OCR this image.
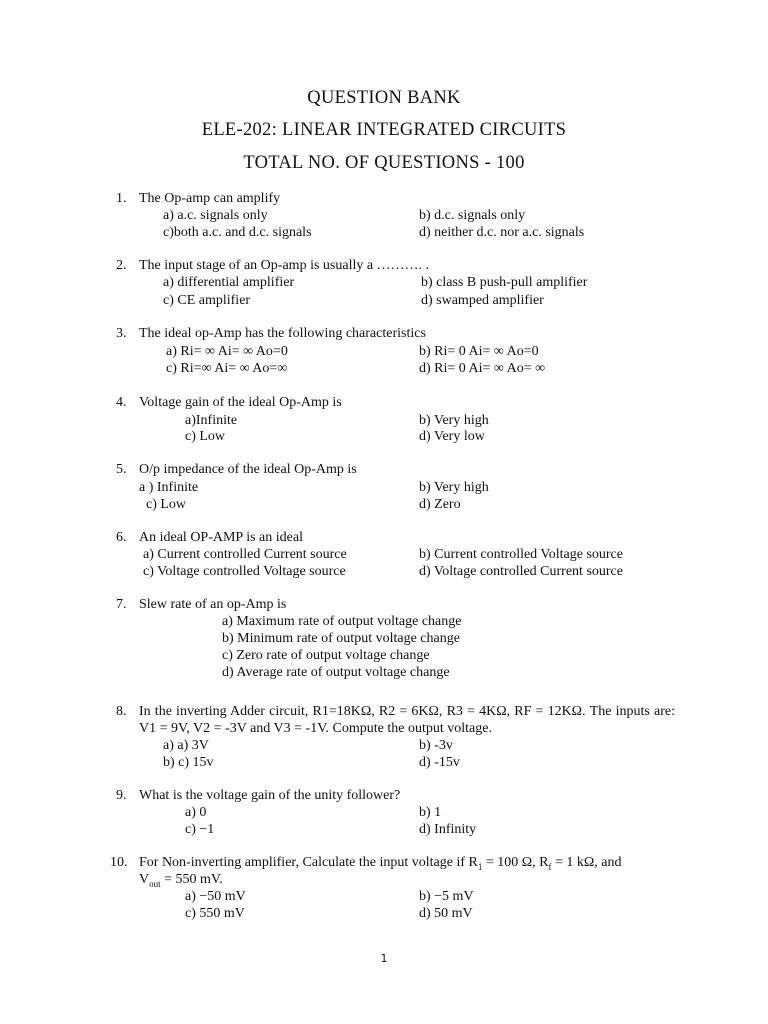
QUESTION BANK
ELE-202: LINEAR INTEGRATED CIRCUITS
TOTAL NO. OF QUESTIONS - 100
1. The Op-amp can amplify
a) a.c. signals only	b) d.c. signals only
c)both a.c. and d.c. signals	d) neither d.c. nor a.c. signals
2. The input stage of an Op-amp is usually a ………. .
a) differential amplifier	b) class B push-pull amplifier
c) CE amplifier	d) swamped amplifier
3. The ideal op-Amp has the following characteristics
a) Ri= ∞ Ai= ∞ Ao=0	b) Ri= 0 Ai= ∞ Ao=0
c) Ri=∞ Ai= ∞ Ao=∞	d) Ri= 0 Ai= ∞ Ao= ∞
4. Voltage gain of the ideal Op-Amp is
a)Infinite	b) Very high
c) Low	d) Very low
5. O/p impedance of the ideal Op-Amp is
a ) Infinite	b) Very high
c) Low	d) Zero
6. An ideal OP-AMP is an ideal
a) Current controlled Current source	b) Current controlled Voltage source
c) Voltage controlled Voltage source	d) Voltage controlled Current source
7. Slew rate of an op-Amp is
a) Maximum rate of output voltage change
b) Minimum rate of output voltage change
c) Zero rate of output voltage change
d) Average rate of output voltage change
8. In the inverting Adder circuit, R1=18KΩ, R2 = 6KΩ, R3 = 4KΩ, RF = 12KΩ. The inputs are: V1 = 9V, V2 = -3V and V3 = -1V. Compute the output voltage.
a) a) 3V	b) -3v
b) c) 15v	d) -15v
9. What is the voltage gain of the unity follower?
a) 0	b) 1
c) −1	d) Infinity
10. For Non-inverting amplifier, Calculate the input voltage if $R_1 = 100$ Ω, $R_f = 1$ kΩ, and
$V_{out} = 550$ mV.
a) −50 mV	b) −5 mV
c) 550 mV	d) 50 mV
1
